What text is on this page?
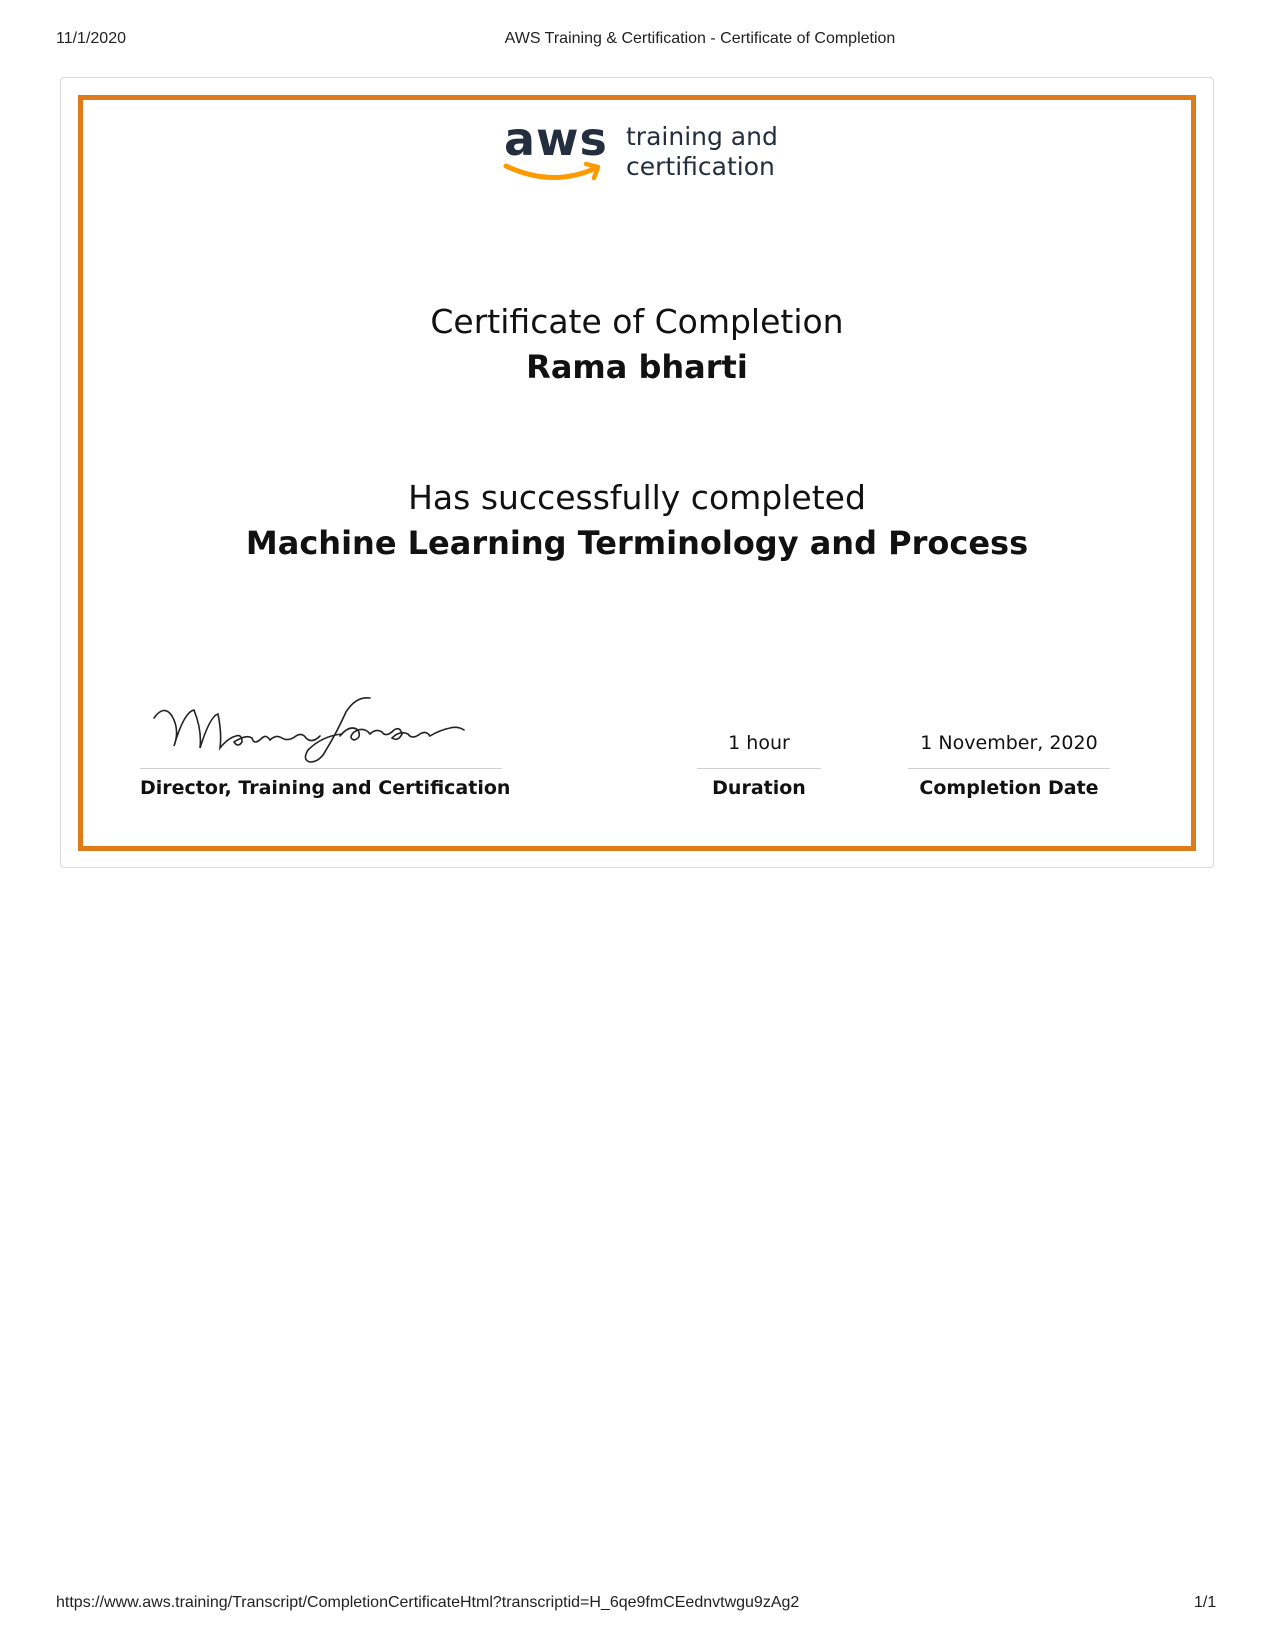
11/1/2020	AWS Training & Certification - Certificate of Completion
aws training and
certification
Certificate of Completion
Rama bharti
Has successfully completed
Machine Learning Terminology and Process
Director, Training and Certification
1 hour
Duration
1 November, 2020
Completion Date
https://www.aws.training/Transcript/CompletionCertificateHtml?transcriptid=H_6qe9fmCEednvtwgu9zAg2	1/1
